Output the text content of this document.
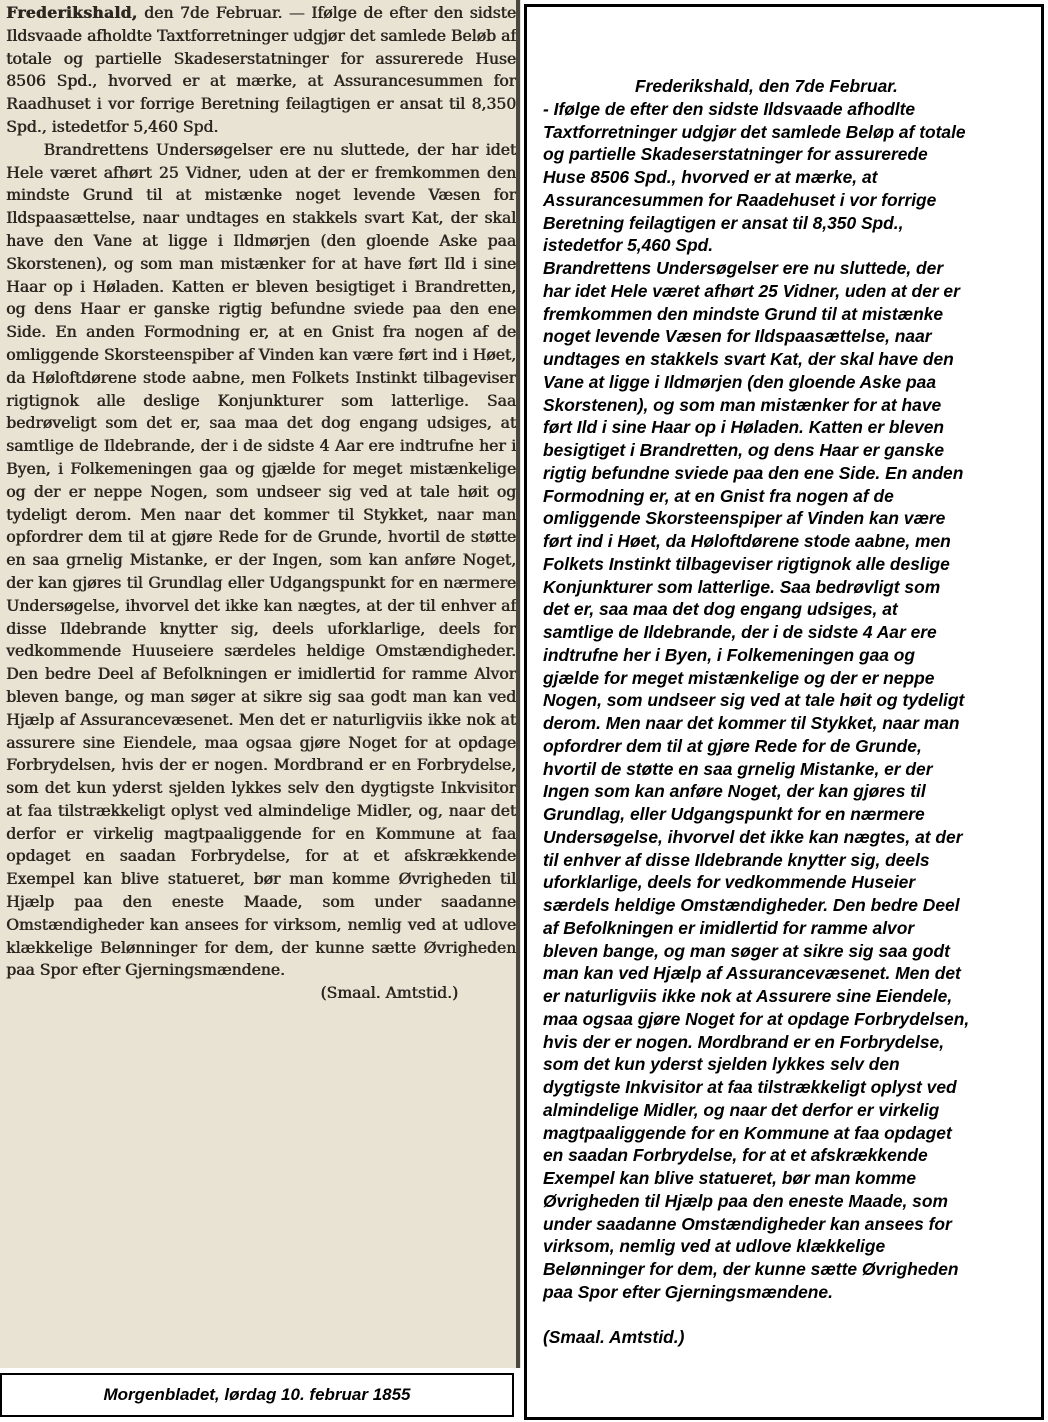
Frederikshald, den 7de Februar. — Ifølge de efter den sidste Ildsvaade afholdte Taxtforretninger udgjør det samlede Beløb af totale og partielle Skadeserstatninger for assurerede Huse 8506 Spd., hvorved er at mærke, at Assurancesummen for Raadhuset i vor forrige Beretning feilagtigen er ansat til 8,350 Spd., istedetfor 5,460 Spd.

Brandrettens Undersøgelser ere nu sluttede, der har idet Hele været afhørt 25 Vidner, uden at der er fremkommen den mindste Grund til at mistænke noget levende Væsen for Ildspaasættelse, naar undtages en stakkels svart Kat, der skal have den Vane at ligge i Ildmørjen (den gloende Aske paa Skorstenen), og som man mistænker for at have ført Ild i sine Haar op i Høladen. Katten er bleven besigtiget i Brandretten, og dens Haar er ganske rigtig befundne sviede paa den ene Side. En anden Formodning er, at en Gnist fra nogen af de omliggende Skorsteenspiber af Vinden kan være ført ind i Høet, da Høloftdørene stode aabne, men Folkets Instinkt tilbageviser rigtignok alle deslige Konjunkturer som latterlige. Saa bedrøveligt som det er, saa maa det dog engang udsiges, at samtlige de Ildebrande, der i de sidste 4 Aar ere indtrufne her i Byen, i Folkemeningen gaa og gjælde for meget mistænkelige og der er neppe Nogen, som undseer sig ved at tale høit og tydeligt derom. Men naar det kommer til Stykket, naar man opfordrer dem til at gjøre Rede for de Grunde, hvortil de støtte en saa grnelig Mistanke, er der Ingen, som kan anføre Noget, der kan gjøres til Grundlag eller Udgangspunkt for en nærmere Undersøgelse, ihvorvel det ikke kan nægtes, at der til enhver af disse Ildebrande knytter sig, deels uforklarlige, deels for vedkommende Huuseiere særdeles heldige Omstændigheder. Den bedre Deel af Befolkningen er imidlertid for ramme Alvor bleven bange, og man søger at sikre sig saa godt man kan ved Hjælp af Assurancevæsenet. Men det er naturligviis ikke nok at assurere sine Eiendele, maa ogsaa gjøre Noget for at opdage Forbrydelsen, hvis der er nogen. Mordbrand er en Forbrydelse, som det kun yderst sjelden lykkes selv den dygtigste Inkvisitor at faa tilstrækkeligt oplyst ved almindelige Midler, og, naar det derfor er virkelig magtpaaliggende for en Kommune at faa opdaget en saadan Forbrydelse, for at et afskrækkende Exempel kan blive statueret, bør man komme Øvrigheden til Hjælp paa den eneste Maade, som under saadanne Omstændigheder kan ansees for virksom, nemlig ved at udlove klækkelige Belønninger for dem, der kunne sætte Øvrigheden paa Spor efter Gjerningsmændene.

(Smaal. Amtstid.)
Morgenbladet, lørdag 10. februar 1855
Frederikshald, den 7de Februar.
- Ifølge de efter den sidste Ildsvaade afhodlte
Taxtforretninger udgjør det samlede Beløp af totale
og partielle Skadeserstatninger for assurerede
Huse 8506 Spd., hvorved er at mærke, at
Assurancesummen for Raadehuset i vor forrige
Beretning feilagtigen er ansat til 8,350 Spd.,
istedetfor 5,460 Spd.
Brandrettens Undersøgelser ere nu sluttede, der
har idet Hele været afhørt 25 Vidner, uden at der er
fremkommen den mindste Grund til at mistænke
noget levende Væsen for Ildspaasættelse, naar
undtages en stakkels svart Kat, der skal have den
Vane at ligge i Ildmørjen (den gloende Aske paa
Skorstenen), og som man mistænker for at have
ført Ild i sine Haar op i Høladen. Katten er bleven
besigtiget i Brandretten, og dens Haar er ganske
rigtig befundne sviede paa den ene Side. En anden
Formodning er, at en Gnist fra nogen af de
omliggende Skorsteenspiper af Vinden kan være
ført ind i Høet, da Høloftdørene stode aabne, men
Folkets Instinkt tilbageviser rigtignok alle deslige
Konjunkturer som latterlige. Saa bedrøvligt som
det er, saa maa det dog engang udsiges, at
samtlige de Ildebrande, der i de sidste 4 Aar ere
indtrufne her i Byen, i Folkemeningen gaa og
gjælde for meget mistænkelige og der er neppe
Nogen, som undseer sig ved at tale høit og tydeligt
derom. Men naar det kommer til Stykket, naar man
opfordrer dem til at gjøre Rede for de Grunde,
hvortil de støtte en saa grnelig Mistanke, er der
Ingen som kan anføre Noget, der kan gjøres til
Grundlag, eller Udgangspunkt for en nærmere
Undersøgelse, ihvorvel det ikke kan nægtes, at der
til enhver af disse Ildebrande knytter sig, deels
uforklarlige, deels for vedkommende Huseier
særdels heldige Omstændigheder. Den bedre Deel
af Befolkningen er imidlertid for ramme alvor
bleven bange, og man søger at sikre sig saa godt
man kan ved Hjælp af Assurancevæsenet. Men det
er naturligviis ikke nok at Assurere sine Eiendele,
maa ogsaa gjøre Noget for at opdage Forbrydelsen,
hvis der er nogen. Mordbrand er en Forbrydelse,
som det kun yderst sjelden lykkes selv den
dygtigste Inkvisitor at faa tilstrækkeligt oplyst ved
almindelige Midler, og naar det derfor er virkelig
magtpaaliggende for en Kommune at faa opdaget
en saadan Forbrydelse, for at et afskrækkende
Exempel kan blive statueret, bør man komme
Øvrigheden til Hjælp paa den eneste Maade, som
under saadanne Omstændigheder kan ansees for
virksom, nemlig ved at udlove klækkelige
Belønninger for dem, der kunne sætte Øvrigheden
paa Spor efter Gjerningsmændene.
(Smaal. Amtstid.)
